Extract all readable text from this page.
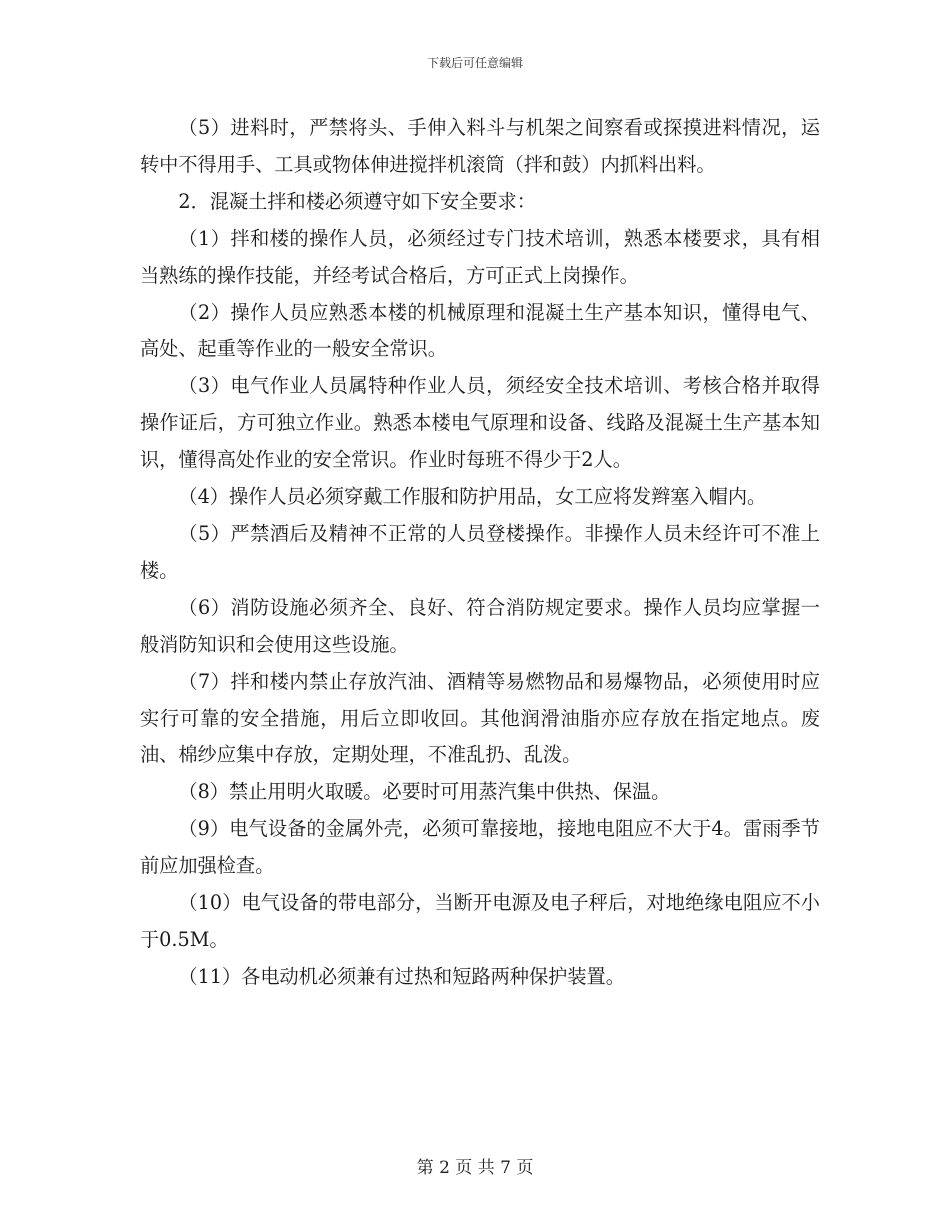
下载后可任意编辑

（5）进料时，严禁将头、手伸入料斗与机架之间察看或探摸进料情况，运转中不得用手、工具或物体伸进搅拌机滚筒（拌和鼓）内抓料出料。

2．混凝土拌和楼必须遵守如下安全要求：

（1）拌和楼的操作人员，必须经过专门技术培训，熟悉本楼要求，具有相当熟练的操作技能，并经考试合格后，方可正式上岗操作。

（2）操作人员应熟悉本楼的机械原理和混凝土生产基本知识，懂得电气、高处、起重等作业的一般安全常识。

（3）电气作业人员属特种作业人员，须经安全技术培训、考核合格并取得操作证后，方可独立作业。熟悉本楼电气原理和设备、线路及混凝土生产基本知识，懂得高处作业的安全常识。作业时每班不得少于2人。

（4）操作人员必须穿戴工作服和防护用品，女工应将发辫塞入帽内。

（5）严禁酒后及精神不正常的人员登楼操作。非操作人员未经许可不准上楼。

（6）消防设施必须齐全、良好、符合消防规定要求。操作人员均应掌握一般消防知识和会使用这些设施。

（7）拌和楼内禁止存放汽油、酒精等易燃物品和易爆物品，必须使用时应实行可靠的安全措施，用后立即收回。其他润滑油脂亦应存放在指定地点。废油、棉纱应集中存放，定期处理，不准乱扔、乱泼。

（8）禁止用明火取暖。必要时可用蒸汽集中供热、保温。

（9）电气设备的金属外壳，必须可靠接地，接地电阻应不大于4。雷雨季节前应加强检查。

（10）电气设备的带电部分，当断开电源及电子秤后，对地绝缘电阻应不小于0.5M。

（11）各电动机必须兼有过热和短路两种保护装置。

第 2 页 共 7 页
